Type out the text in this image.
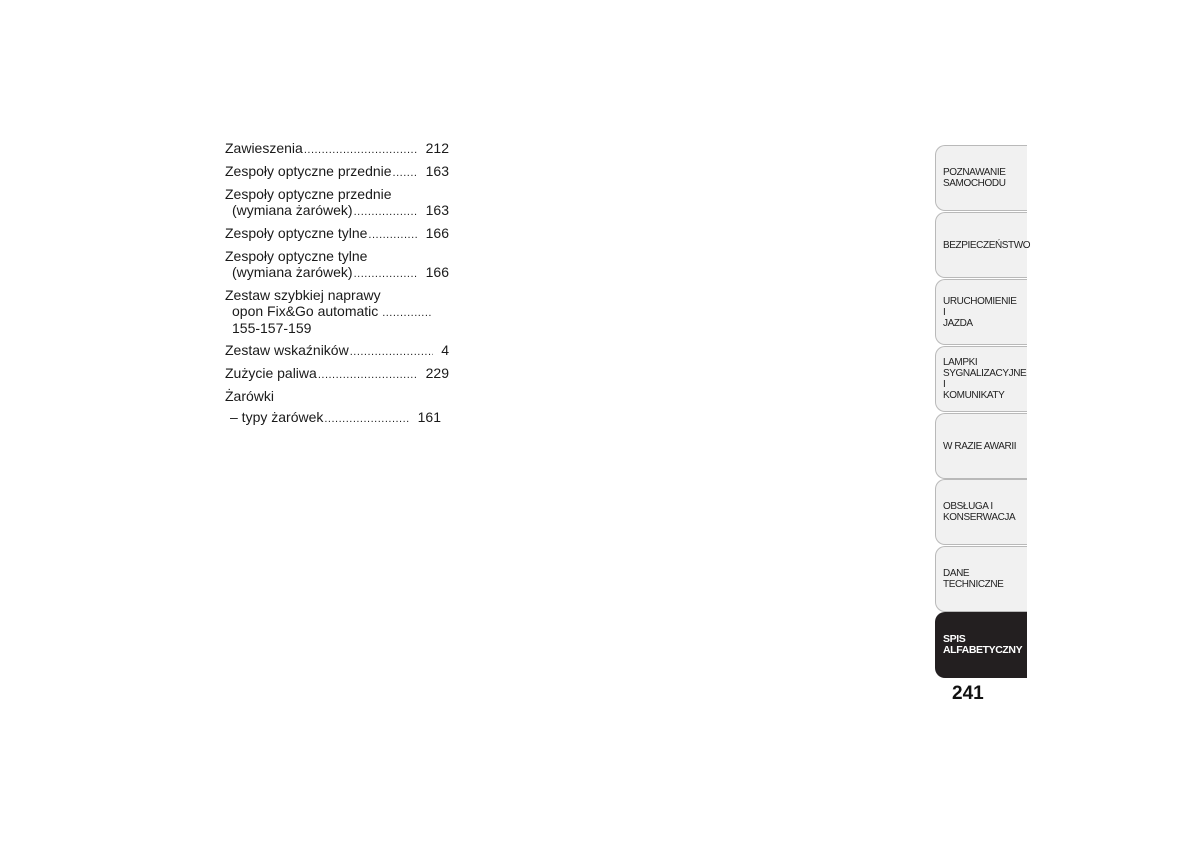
Zawieszenia .....	212
Zespoły optyczne przednie ..... 163
Zespoły optyczne przednie
(wymiana żarówek) .....	163
Zespoły optyczne tylne .....	166
Zespoły optyczne tylne
(wymiana żarówek) .....	166
Zestaw szybkiej naprawy
opon Fix&Go automatic ..............
155-157-159
Zestaw wskaźników .....	4
Zużycie paliwa .....	229
Żarówki
– typy żarówek .....	161
POZNAWANIE
SAMOCHODU
BEZPIECZEŃSTWO
URUCHOMIENIE I
JAZDA
LAMPKI
SYGNALIZACYJNE I
KOMUNIKATY
W RAZIE AWARII
OBSŁUGA I
KONSERWACJA
DANE TECHNICZNE
SPIS
ALFABETYCZNY
241
